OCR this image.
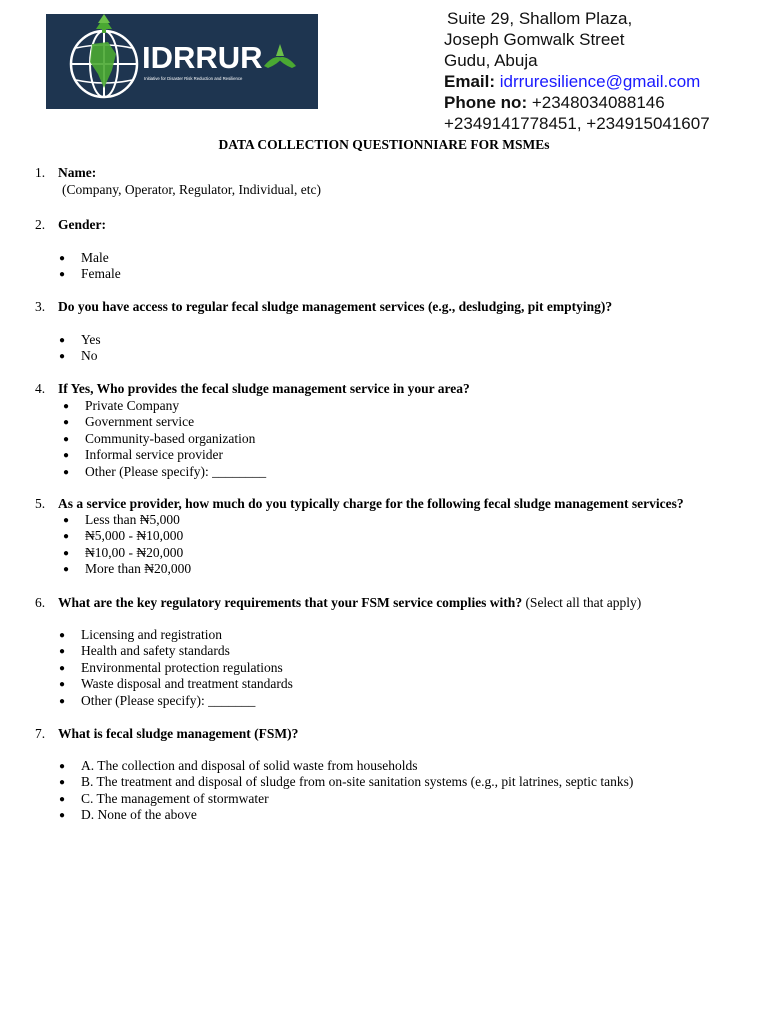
IDRRUR
Initiative for Disaster Risk Reduction and Resilience
Suite 29, Shallom Plaza,
Joseph Gomwalk Street
Gudu, Abuja
Email: idrruresilience@gmail.com
Phone no: +2348034088146
+2349141778451, +234915041607
DATA COLLECTION QUESTIONNIARE FOR MSMEs
1. Name:
(Company, Operator, Regulator, Individual, etc)
2. Gender:
● Male
● Female
3. Do you have access to regular fecal sludge management services (e.g., desludging, pit emptying)?
● Yes
● No
4. If Yes, Who provides the fecal sludge management service in your area?
● Private Company
● Government service
● Community-based organization
● Informal service provider
● Other (Please specify): ________
5. As a service provider, how much do you typically charge for the following fecal sludge management services?
● Less than ₦5,000
● ₦5,000 - ₦10,000
● ₦10,00 - ₦20,000
● More than ₦20,000
6. What are the key regulatory requirements that your FSM service complies with? (Select all that apply)
● Licensing and registration
● Health and safety standards
● Environmental protection regulations
● Waste disposal and treatment standards
● Other (Please specify): _______
7. What is fecal sludge management (FSM)?
● A. The collection and disposal of solid waste from households
● B. The treatment and disposal of sludge from on-site sanitation systems (e.g., pit latrines, septic tanks)
● C. The management of stormwater
● D. None of the above
